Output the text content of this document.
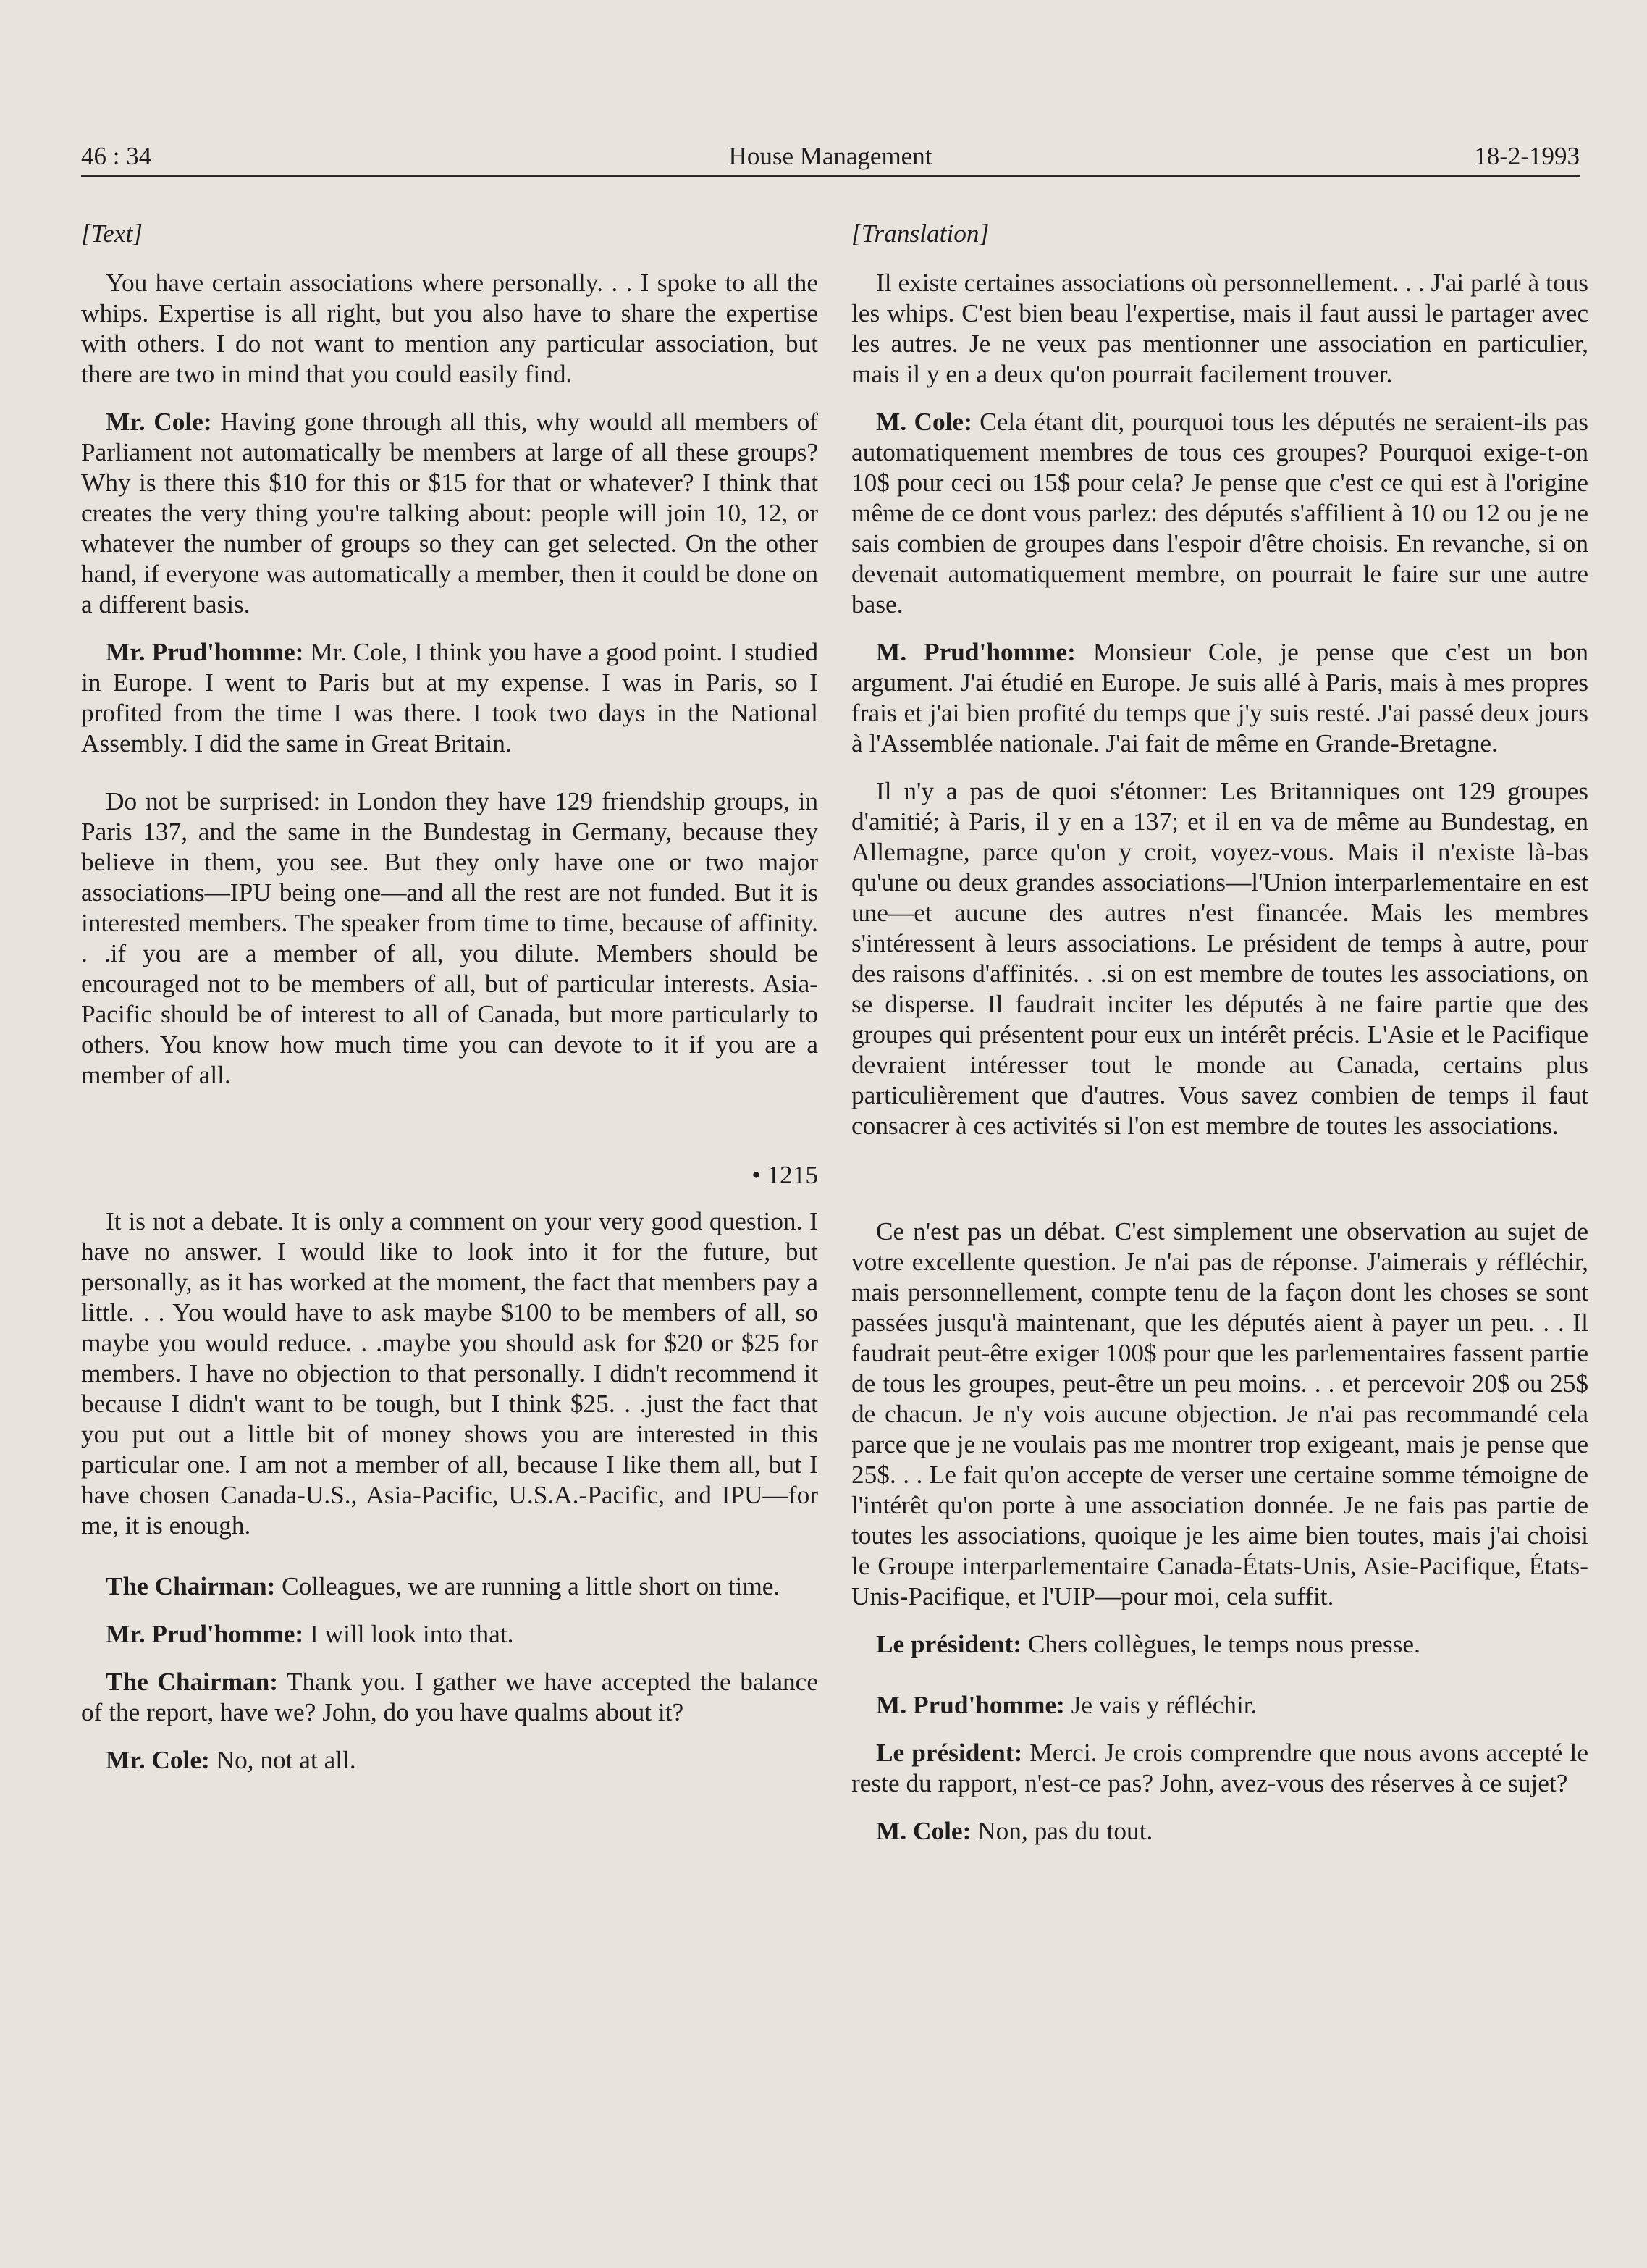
46 : 34	House Management	18-2-1993
[Text]

You have certain associations where personally. . . I spoke to all the whips. Expertise is all right, but you also have to share the expertise with others. I do not want to mention any particular association, but there are two in mind that you could easily find.

Mr. Cole: Having gone through all this, why would all members of Parliament not automatically be members at large of all these groups? Why is there this $10 for this or $15 for that or whatever? I think that creates the very thing you're talking about: people will join 10, 12, or whatever the number of groups so they can get selected. On the other hand, if everyone was automatically a member, then it could be done on a different basis.

Mr. Prud'homme: Mr. Cole, I think you have a good point. I studied in Europe. I went to Paris but at my expense. I was in Paris, so I profited from the time I was there. I took two days in the National Assembly. I did the same in Great Britain.

Do not be surprised: in London they have 129 friendship groups, in Paris 137, and the same in the Bundestag in Germany, because they believe in them, you see. But they only have one or two major associations—IPU being one—and all the rest are not funded. But it is interested members. The speaker from time to time, because of affinity. . .if you are a member of all, you dilute. Members should be encouraged not to be members of all, but of particular interests. Asia-Pacific should be of interest to all of Canada, but more particularly to others. You know how much time you can devote to it if you are a member of all.

• 1215

It is not a debate. It is only a comment on your very good question. I have no answer. I would like to look into it for the future, but personally, as it has worked at the moment, the fact that members pay a little. . . You would have to ask maybe $100 to be members of all, so maybe you would reduce. . .maybe you should ask for $20 or $25 for members. I have no objection to that personally. I didn't recommend it because I didn't want to be tough, but I think $25. . .just the fact that you put out a little bit of money shows you are interested in this particular one. I am not a member of all, because I like them all, but I have chosen Canada-U.S., Asia-Pacific, U.S.A.-Pacific, and IPU—for me, it is enough.

The Chairman: Colleagues, we are running a little short on time.

Mr. Prud'homme: I will look into that.

The Chairman: Thank you. I gather we have accepted the balance of the report, have we? John, do you have qualms about it?

Mr. Cole: No, not at all.

[Translation]

Il existe certaines associations où personnellement. . . J'ai parlé à tous les whips. C'est bien beau l'expertise, mais il faut aussi le partager avec les autres. Je ne veux pas mentionner une association en particulier, mais il y en a deux qu'on pourrait facilement trouver.

M. Cole: Cela étant dit, pourquoi tous les députés ne seraient-ils pas automatiquement membres de tous ces groupes? Pourquoi exige-t-on 10$ pour ceci ou 15$ pour cela? Je pense que c'est ce qui est à l'origine même de ce dont vous parlez: des députés s'affilient à 10 ou 12 ou je ne sais combien de groupes dans l'espoir d'être choisis. En revanche, si on devenait automatiquement membre, on pourrait le faire sur une autre base.

M. Prud'homme: Monsieur Cole, je pense que c'est un bon argument. J'ai étudié en Europe. Je suis allé à Paris, mais à mes propres frais et j'ai bien profité du temps que j'y suis resté. J'ai passé deux jours à l'Assemblée nationale. J'ai fait de même en Grande-Bretagne.

Il n'y a pas de quoi s'étonner: Les Britanniques ont 129 groupes d'amitié; à Paris, il y en a 137; et il en va de même au Bundestag, en Allemagne, parce qu'on y croit, voyez-vous. Mais il n'existe là-bas qu'une ou deux grandes associations—l'Union interparlementaire en est une—et aucune des autres n'est financée. Mais les membres s'intéressent à leurs associations. Le président de temps à autre, pour des raisons d'affinités. . .si on est membre de toutes les associations, on se disperse. Il faudrait inciter les députés à ne faire partie que des groupes qui présentent pour eux un intérêt précis. L'Asie et le Pacifique devraient intéresser tout le monde au Canada, certains plus particulièrement que d'autres. Vous savez combien de temps il faut consacrer à ces activités si l'on est membre de toutes les associations.

Ce n'est pas un débat. C'est simplement une observation au sujet de votre excellente question. Je n'ai pas de réponse. J'aimerais y réfléchir, mais personnellement, compte tenu de la façon dont les choses se sont passées jusqu'à maintenant, que les députés aient à payer un peu. . . Il faudrait peut-être exiger 100$ pour que les parlementaires fassent partie de tous les groupes, peut-être un peu moins. . . et percevoir 20$ ou 25$ de chacun. Je n'y vois aucune objection. Je n'ai pas recommandé cela parce que je ne voulais pas me montrer trop exigeant, mais je pense que 25$. . . Le fait qu'on accepte de verser une certaine somme témoigne de l'intérêt qu'on porte à une association donnée. Je ne fais pas partie de toutes les associations, quoique je les aime bien toutes, mais j'ai choisi le Groupe interparlementaire Canada-États-Unis, Asie-Pacifique, États-Unis-Pacifique, et l'UIP—pour moi, cela suffit.

Le président: Chers collègues, le temps nous presse.

M. Prud'homme: Je vais y réfléchir.

Le président: Merci. Je crois comprendre que nous avons accepté le reste du rapport, n'est-ce pas? John, avez-vous des réserves à ce sujet?

M. Cole: Non, pas du tout.
